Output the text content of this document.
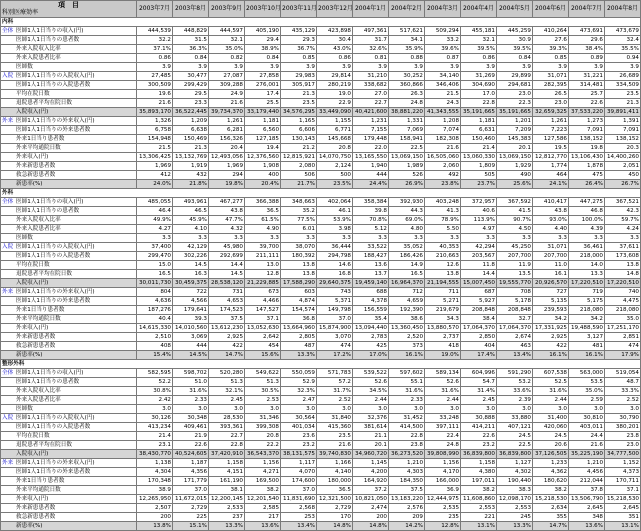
項　目
科別医療効率	2003年7月	2003年8月	2003年9月	2003年10月	2003年11月	2003年12月	2004年1月	2004年2月	2004年3月	2004年4月	2004年5月	2004年6月	2004年7月	2004年8月
内科														
全体 医師1人1日当りの収入(円)	444,539	448,829	444,597	405,190	435,129	423,898	497,361	517,621	509,294	455,181	445,259	410,264	473,691	473,679
医師1人1日当りの患者数	32.2	31.5	32.1	29.4	29.3	30.4	31.7	34.1	33.2	32.1	30.9	27.6	29.6	32.4
外来入院収入比率	37.1%	36.3%	35.0%	38.9%	36.7%	43.0%	32.6%	35.9%	39.6%	39.5%	39.5%	39.3%	38.4%	35.5%
外来入院患者比率	0.86	0.84	0.82	0.84	0.85	0.86	0.81	0.88	0.87	0.86	0.84	0.85	0.89	0.94
医師数	3.9	3.9	3.9	3.9	3.9	3.9	3.9	3.9	3.9	3.9	3.9	3.9	3.9	3.9
入院 医師1人1日当りの入院収入(円)	27,485	30,477	27,087	27,858	29,983	29,814	31,210	30,252	34,140	31,269	29,899	31,071	31,221	26,689
医師1人1日当りの入院患者数	300,509	299,429	309,288	276,001	305,917	280,219	338,682	360,866	346,406	304,690	294,681	282,395	314,481	334,509
平均在院日数	19.6	29.5	24.9	17.4	21.3	19.0	27.0	26.3	21.5	17.0	23.0	26.5	25.7	23.5
退院患者平均在院日数	21.6	23.3	21.6	25.5	23.5	22.9	22.7	24.8	24.3	22.8	22.3	23.0	22.6	21.3
入院収入(円)	35,893,170	36,522,445	39,734,370	33,179,440	34,576,295	33,449,090	40,421,600	38,881,220	41,343,555	35,191,665	35,191,665	32,659,325	37,533,220	39,891,411
外来 医師1人1日当りの外来収入(円)	1,326	1,209	1,261	1,181	1,165	1,155	1,231	1,331	1,208	1,181	1,201	1,261	1,273	1,391
医師1人1日当りの外来患者数	6,758	6,638	6,281	6,560	6,606	6,771	7,155	7,069	7,074	6,631	7,209	7,223	7,091	7,091
外来1日当り患者数	154,948	150,469	156,326	127,185	130,143	145,668	179,448	158,941	182,308	150,460	145,383	127,586	138,152	138,152
外来平均通院日数	21.5	21.3	20.4	19.4	21.2	20.8	22.0	22.5	21.6	21.4	20.1	19.5	19.8	20.3
外来収入(円)	13,306,425	13,132,769	12,493,056	12,376,560	12,815,921	14,070,750	13,165,550	13,069,150	16,505,060	13,060,330	13,069,150	12,812,770	13,106,430	14,400,260
外来新患患者数	1,969	1,919	1,969	1,908	2,080	2,124	1,940	1,989	2,060	1,809	1,929	1,774	1,878	2,051
救急新患患者数	412	432	294	400	506	500	444	526	492	505	490	464	475	450
新患率(%)	24.0%	21.8%	19.8%	20.4%	21.7%	23.5%	24.4%	26.9%	23.8%	23.7%	25.6%	24.1%	26.4%	26.7%
外科														
全体 医師1人1日当りの収入(円)	485,055	493,961	467,277	366,388	348,663	402,064	358,384	392,930	403,248	372,957	367,592	410,417	447,275	367,521
医師1人1日当りの患者数	46.4	46.5	43.8	36.5	35.2	46.1	39.8	44.3	41.3	40.6	41.5	43.8	46.8	42.3
外来入院収入比率	49.9%	45.9%	47.7%	61.5%	77.5%	53.9%	70.8%	69.0%	78.9%	113.9%	90.7%	93.0%	100.0%	59.7%
外来入院患者比率	4.27	4.10	4.32	4.90	6.01	3.98	5.12	4.80	5.50	4.97	4.50	4.40	4.39	4.24
医師数	3.3	3.3	3.3	3.3	3.3	3.3	3.3	3.3	3.3	3.3	3.3	3.3	3.3	3.3
入院 医師1人1日当りの入院収入(円)	37,400	42,129	45,980	39,700	38,070	36,444	33,522	35,052	40,353	42,294	45,250	31,071	36,461	37,611
医師1人1日当りの入院患者数	299,470	302,226	292,699	211,111	180,392	294,798	188,427	186,426	210,663	203,567	207,700	207,700	218,000	173,608
平均在院日数	15.0	14.5	14.4	13.0	13.8	14.6	13.6	14.9	12.6	11.8	11.9	11.0	14.0	13.8
退院患者平均在院日数	16.5	16.3	14.5	12.8	13.8	16.8	13.7	16.5	13.8	14.4	13.5	16.1	13.3	14.8
入院収入(円)	30,011,730	30,459,375	28,538,120	21,229,885	17,588,290	29,640,375	19,459,140	16,964,370	21,194,555	15,007,450	19,555,770	20,926,570	17,220,510	17,220,510
外来 医師1人1日当りの外来収入(円)	804	722	731	673	603	743	688	712	711	687	708	727	719	740
医師1人1日当りの外来患者数	4,636	4,566	4,653	4,466	4,874	5,371	4,378	4,659	5,271	5,927	5,178	5,135	5,175	4,475
外来1日当り患者数	187,276	179,641	174,523	147,527	154,574	149,798	156,559	192,390	219,679	208,848	208,848	239,593	218,080	218,080
外来平均通院日数	40.4	39.3	37.5	37.1	36.8	37.0	35.4	38.6	34.3	38.4	32.7	34.2	34.2	35.0
外来収入(円)	14,615,330	14,010,560	13,612,230	13,052,630	13,664,960	15,874,900	13,094,440	13,360,450	13,880,570	17,064,370	17,064,370	17,331,925	19,488,590	17,251,170
外来新患患者数	2,510	3,069	2,925	2,642	2,805	3,070	2,783	2,520	2,737	2,850	2,674	2,925	3,127	2,851
救急新患患者数	408	444	422	454	487	474	425	373	418	404	463	422	481	474
新患率(%)	15.4%	14.5%	14.7%	15.6%	13.3%	17.2%	17.0%	16.1%	19.0%	17.4%	13.4%	16.1%	16.1%	17.9%
整形外科														
全体 医師1人1日当りの収入(円)	582,595	598,702	520,280	549,622	550,059	571,783	539,522	597,602	589,134	604,996	591,290	607,538	563,000	519,054
医師1人1日当りの患者数	52.2	51.0	51.3	51.3	52.9	57.2	52.6	55.1	52.6	54.7	53.2	52.5	53.5	48.7
外来入院収入比率	30.8%	31.6%	32.1%	30.5%	32.3%	31.7%	34.5%	31.6%	31.6%	31.4%	33.6%	31.6%	35.0%	33.3%
外来入院患者比率	2.42	2.33	2.45	2.53	2.47	2.52	2.44	2.33	2.44	2.45	2.39	2.44	2.59	2.52
医師数	3.0	3.0	3.0	3.0	3.0	3.0	3.0	3.0	3.0	3.0	3.0	3.0	3.0	3.0
入院 医師1人1日当りの入院収入(円)	30,126	30,348	28,530	31,346	30,564	31,840	32,376	31,452	33,248	30,888	33,880	31,400	30,810	30,790
医師1人1日当りの入院患者数	413,234	409,461	393,361	399,308	401,034	415,360	381,614	414,500	397,111	414,211	407,121	420,060	403,011	380,201
平均在院日数	21.4	21.9	22.7	20.8	23.6	23.5	21.1	22.8	22.4	22.6	24.5	24.5	24.4	23.8
退院患者平均在院日数	23.1	22.6	22.8	22.2	23.2	21.6	20.1	23.8	24.8	23.2	22.5	20.6	21.6	23.0
入院収入(円)	38,430,770	40,524,605	37,420,910	36,543,370	38,131,575	39,740,830	34,960,720	36,273,520	39,808,990	36,839,800	36,839,800	37,126,505	35,225,190	34,777,500
外来 医師1人1日当りの外来収入(円)	1,138	1,187	1,158	1,156	1,117	1,166	1,145	1,210	1,156	1,158	1,127	1,233	1,210	1,152
医師1人1日当りの外来患者数	4,304	4,356	4,151	4,271	4,070	4,140	4,200	4,303	4,170	4,380	4,302	4,362	4,456	4,373
外来1日当り患者数	170,348	171,779	161,190	169,500	174,600	180,000	164,920	184,350	166,000	197,011	190,440	180,620	212,044	170,711
外来平均通院日数	38.9	37.0	38.1	38.2	37.0	36.5	37.2	37.5	36.9	38.2	38.3	38.2	37.8	37.1
外来収入(円)	12,265,950	11,672,015	12,200,145	12,201,540	11,831,690	12,321,500	10,821,050	13,183,220	12,444,975	11,608,860	12,098,170	15,218,530	13,506,790	15,218,530
外来新患患者数	2,507	2,729	2,533	2,585	2,568	2,729	2,474	2,576	2,535	2,553	2,553	2,634	2,645	2,645
救急新患患者数	200	225	237	217	253	170	200	209	235	221	245	355	348	351
新患率(%)	13.8%	15.1%	13.3%	13.6%	13.4%	14.8%	14.8%	14.2%	12.8%	13.1%	13.3%	14.7%	13.6%	13.1%
